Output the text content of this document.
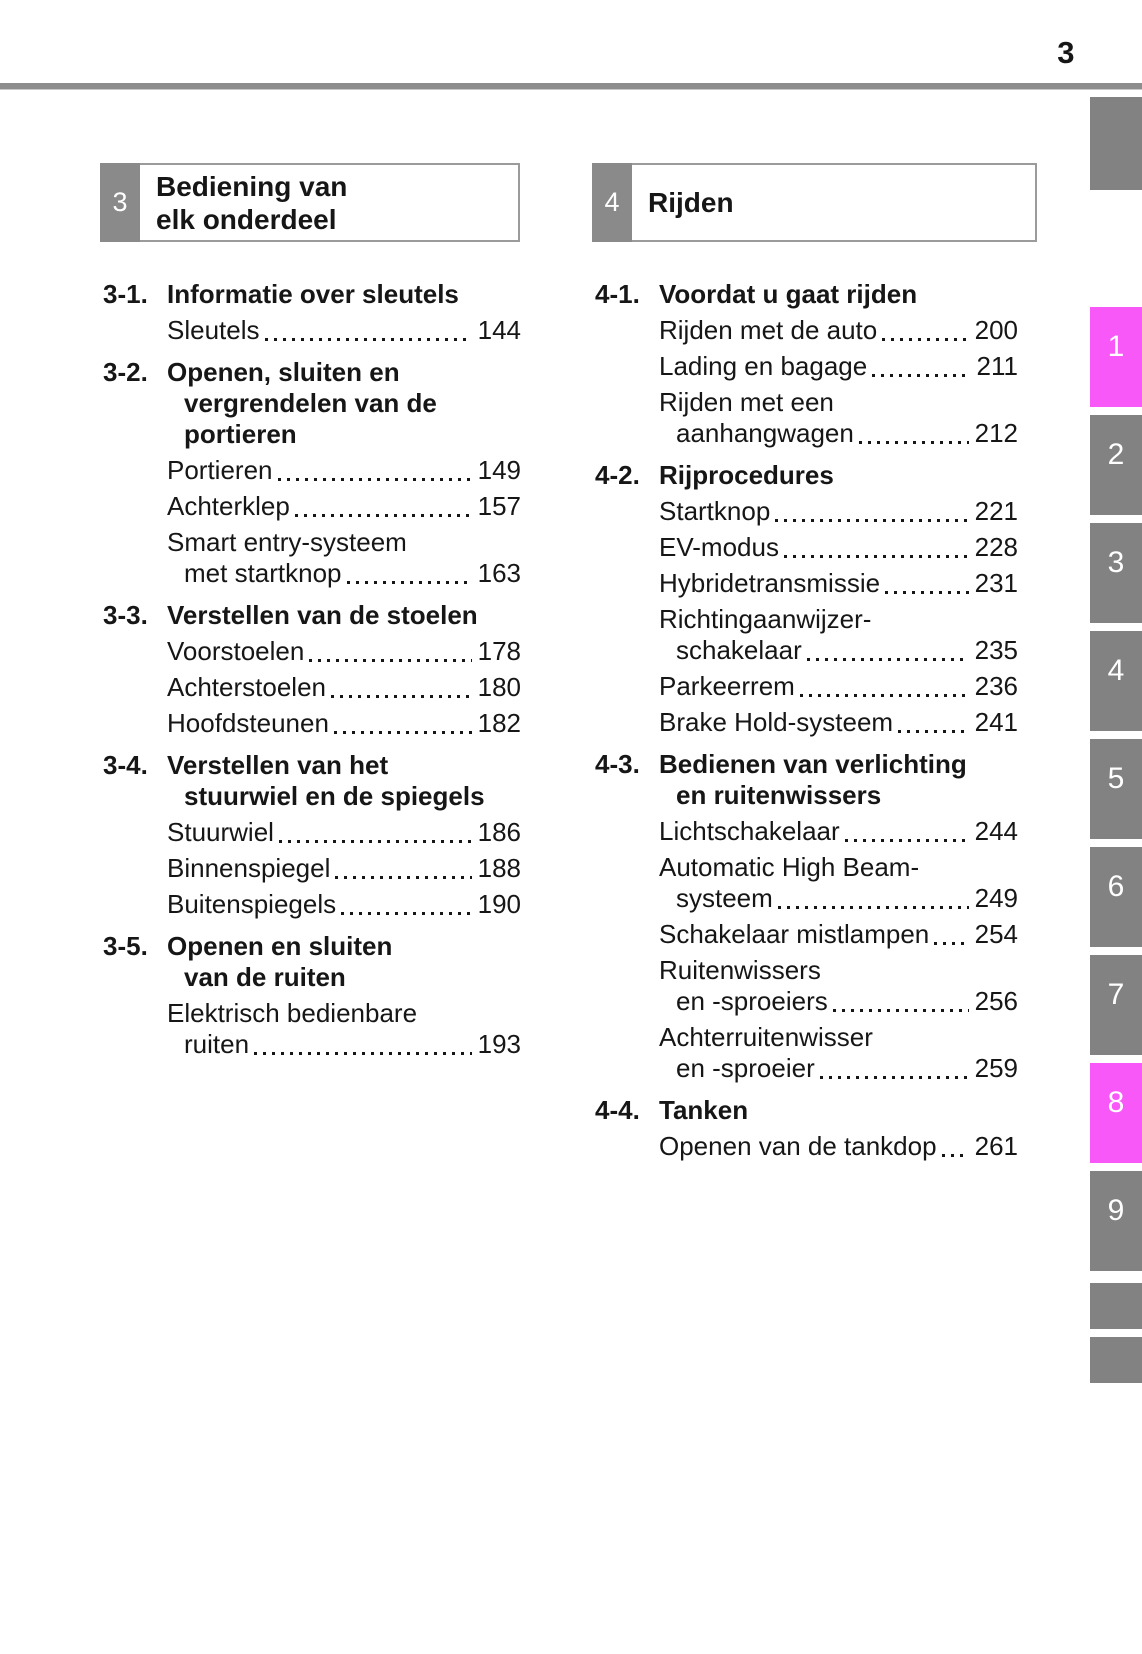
3
3
Bediening van
elk onderdeel
4	Rijden
3-1. Informatie over sleutels
Sleutels	144
3-2. Openen, sluiten en
vergrendelen van de
portieren
Portieren	149
Achterklep	157
Smart entry-systeem
met startknop	163
3-3. Verstellen van de stoelen
Voorstoelen	178
Achterstoelen	180
Hoofdsteunen	182
3-4. Verstellen van het
stuurwiel en de spiegels
Stuurwiel	186
Binnenspiegel	188
Buitenspiegels	190
3-5. Openen en sluiten
van de ruiten
Elektrisch bedienbare
ruiten	193
4-1. Voordat u gaat rijden
Rijden met de auto	200
Lading en bagage	211
Rijden met een
aanhangwagen	212
4-2. Rijprocedures
Startknop	221
EV-modus	228
Hybridetransmissie	231
Richtingaanwijzer-
schakelaar	235
Parkeerrem	236
Brake Hold-systeem	241
4-3. Bedienen van verlichting
en ruitenwissers
Lichtschakelaar	244
Automatic High Beam-
systeem	249
Schakelaar mistlampen 254
Ruitenwissers
en -sproeiers	256
Achterruitenwisser
en -sproeier	259
4-4. Tanken
Openen van de tankdop 261
1
2
3
4
5
6
7
8
9
